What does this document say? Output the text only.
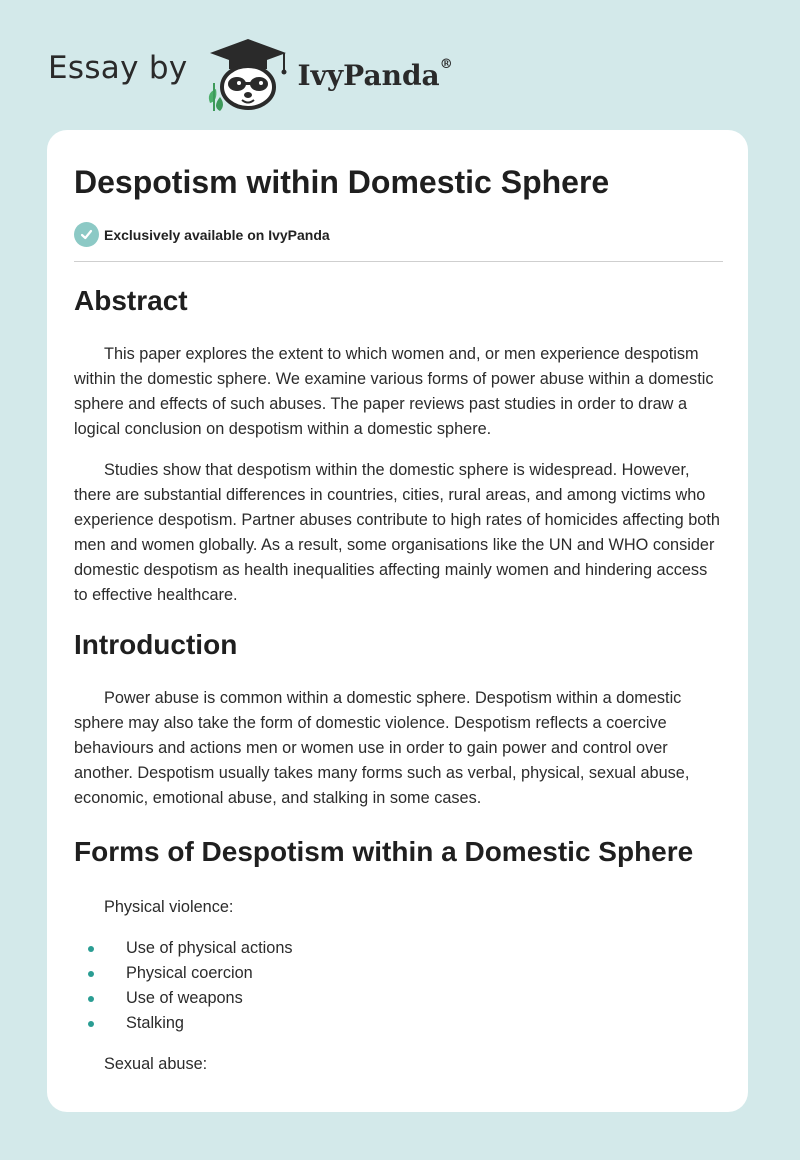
Essay by	IvyPanda®
Despotism within Domestic Sphere
Exclusively available on IvyPanda
Abstract

This paper explores the extent to which women and, or men experience despotism within the domestic sphere. We examine various forms of power abuse within a domestic sphere and effects of such abuses. The paper reviews past studies in order to draw a logical conclusion on despotism within a domestic sphere.

Studies show that despotism within the domestic sphere is widespread. However, there are substantial differences in countries, cities, rural areas, and among victims who experience despotism. Partner abuses contribute to high rates of homicides affecting both men and women globally. As a result, some organisations like the UN and WHO consider domestic despotism as health inequalities affecting mainly women and hindering access to effective healthcare.

Introduction

Power abuse is common within a domestic sphere. Despotism within a domestic sphere may also take the form of domestic violence. Despotism reflects a coercive behaviours and actions men or women use in order to gain power and control over another. Despotism usually takes many forms such as verbal, physical, sexual abuse, economic, emotional abuse, and stalking in some cases.

Forms of Despotism within a Domestic Sphere

Physical violence:

Use of physical actions
Physical coercion
Use of weapons
Stalking

Sexual abuse:
